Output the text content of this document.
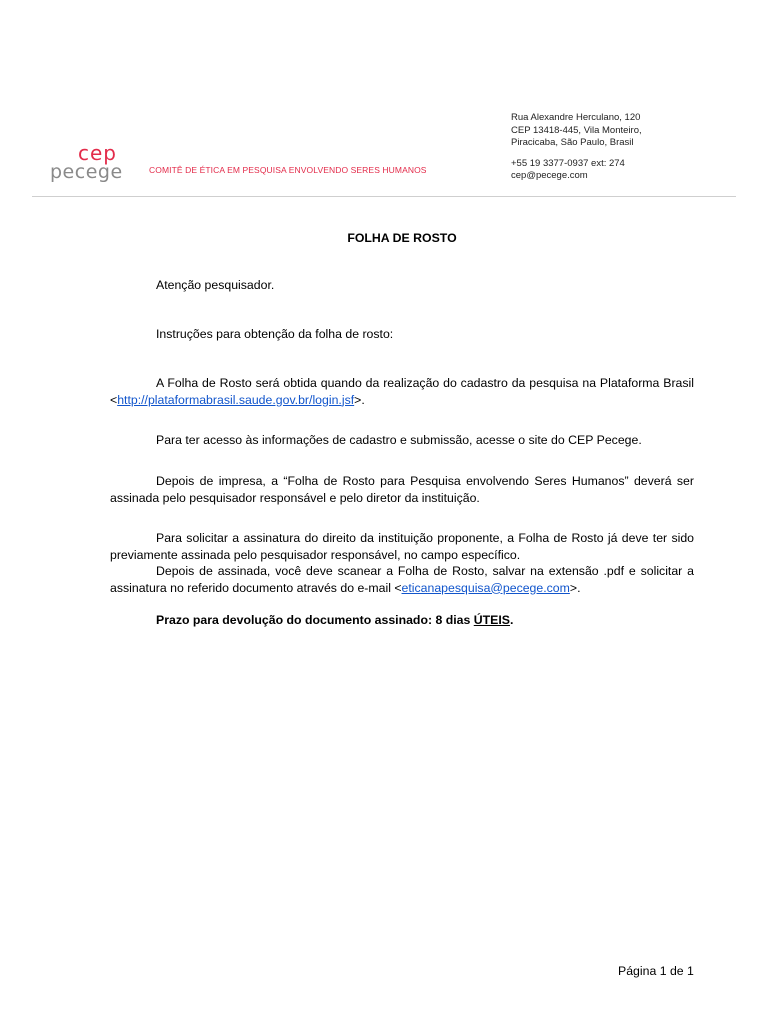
cep
pecege	COMITÊ DE ÉTICA EM PESQUISA ENVOLVENDO SERES HUMANOS
Rua Alexandre Herculano, 120
CEP 13418-445, Vila Monteiro,
Piracicaba, São Paulo, Brasil
+55 19 3377-0937 ext: 274
cep@pecege.com
FOLHA DE ROSTO
Atenção pesquisador.
Instruções para obtenção da folha de rosto:
A Folha de Rosto será obtida quando da realização do cadastro da pesquisa na Plataforma Brasil <http://plataformabrasil.saude.gov.br/login.jsf>.
Para ter acesso às informações de cadastro e submissão, acesse o site do CEP Pecege.
Depois de impresa, a “Folha de Rosto para Pesquisa envolvendo Seres Humanos” deverá ser assinada pelo pesquisador responsável e pelo diretor da instituição.
Para solicitar a assinatura do direito da instituição proponente, a Folha de Rosto já deve ter sido previamente assinada pelo pesquisador responsável, no campo específico.
Depois de assinada, você deve scanear a Folha de Rosto, salvar na extensão .pdf e solicitar a assinatura no referido documento através do e-mail <eticanapesquisa@pecege.com>.
Prazo para devolução do documento assinado: 8 dias ÚTEIS.
Página 1 de 1
